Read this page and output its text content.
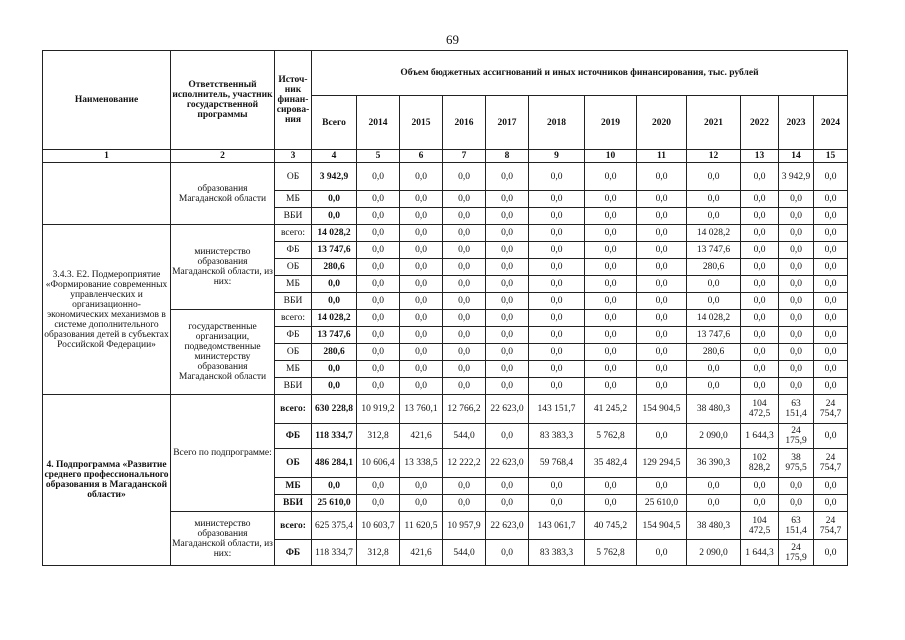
69
Наименование	Ответственный исполнитель, участник государственной программы	Источ-ник финан-сирова-ния	Объем бюджетных ассигнований и иных источников финансирования, тыс. рублей											
			Всего	2014	2015	2016	2017	2018	2019	2020	2021	2022	2023	2024
1	2	3	4	5	6	7	8	9	10	11	12	13	14	15
	образования Магаданской области	ОБ	3 942,9	0,0	0,0	0,0	0,0	0,0	0,0	0,0	0,0	0,0	3 942,9	0,0
		МБ	0,0	0,0	0,0	0,0	0,0	0,0	0,0	0,0	0,0	0,0	0,0	0,0
		ВБИ	0,0	0,0	0,0	0,0	0,0	0,0	0,0	0,0	0,0	0,0	0,0	0,0
3.4.3. Е2. Подмероприятие «Формирование современных управленческих и организационно-экономических механизмов в системе дополнительного образования детей в субъектах Российской Федерации»	министерство образования Магаданской области, из них:	всего:	14 028,2	0,0	0,0	0,0	0,0	0,0	0,0	0,0	14 028,2	0,0	0,0	0,0
		ФБ	13 747,6	0,0	0,0	0,0	0,0	0,0	0,0	0,0	13 747,6	0,0	0,0	0,0
		ОБ	280,6	0,0	0,0	0,0	0,0	0,0	0,0	0,0	280,6	0,0	0,0	0,0
		МБ	0,0	0,0	0,0	0,0	0,0	0,0	0,0	0,0	0,0	0,0	0,0	0,0
		ВБИ	0,0	0,0	0,0	0,0	0,0	0,0	0,0	0,0	0,0	0,0	0,0	0,0
	государственные организации, подведомственные министерству образования Магаданской области	всего:	14 028,2	0,0	0,0	0,0	0,0	0,0	0,0	0,0	14 028,2	0,0	0,0	0,0
		ФБ	13 747,6	0,0	0,0	0,0	0,0	0,0	0,0	0,0	13 747,6	0,0	0,0	0,0
		ОБ	280,6	0,0	0,0	0,0	0,0	0,0	0,0	0,0	280,6	0,0	0,0	0,0
		МБ	0,0	0,0	0,0	0,0	0,0	0,0	0,0	0,0	0,0	0,0	0,0	0,0
		ВБИ	0,0	0,0	0,0	0,0	0,0	0,0	0,0	0,0	0,0	0,0	0,0	0,0
4. Подпрограмма «Развитие среднего профессионального образования в Магаданской области»	Всего по подпрограмме:	всего:	630 228,8	10 919,2	13 760,1	12 766,2	22 623,0	143 151,7	41 245,2	154 904,5	38 480,3	104 472,5	63 151,4	24 754,7
		ФБ	118 334,7	312,8	421,6	544,0	0,0	83 383,3	5 762,8	0,0	2 090,0	1 644,3	24 175,9	0,0
		ОБ	486 284,1	10 606,4	13 338,5	12 222,2	22 623,0	59 768,4	35 482,4	129 294,5	36 390,3	102 828,2	38 975,5	24 754,7
		МБ	0,0	0,0	0,0	0,0	0,0	0,0	0,0	0,0	0,0	0,0	0,0	0,0
		ВБИ	25 610,0	0,0	0,0	0,0	0,0	0,0	0,0	25 610,0	0,0	0,0	0,0	0,0
	министерство образования Магаданской области, из них:	всего:	625 375,4	10 603,7	11 620,5	10 957,9	22 623,0	143 061,7	40 745,2	154 904,5	38 480,3	104 472,5	63 151,4	24 754,7
		ФБ	118 334,7	312,8	421,6	544,0	0,0	83 383,3	5 762,8	0,0	2 090,0	1 644,3	24 175,9	0,0
